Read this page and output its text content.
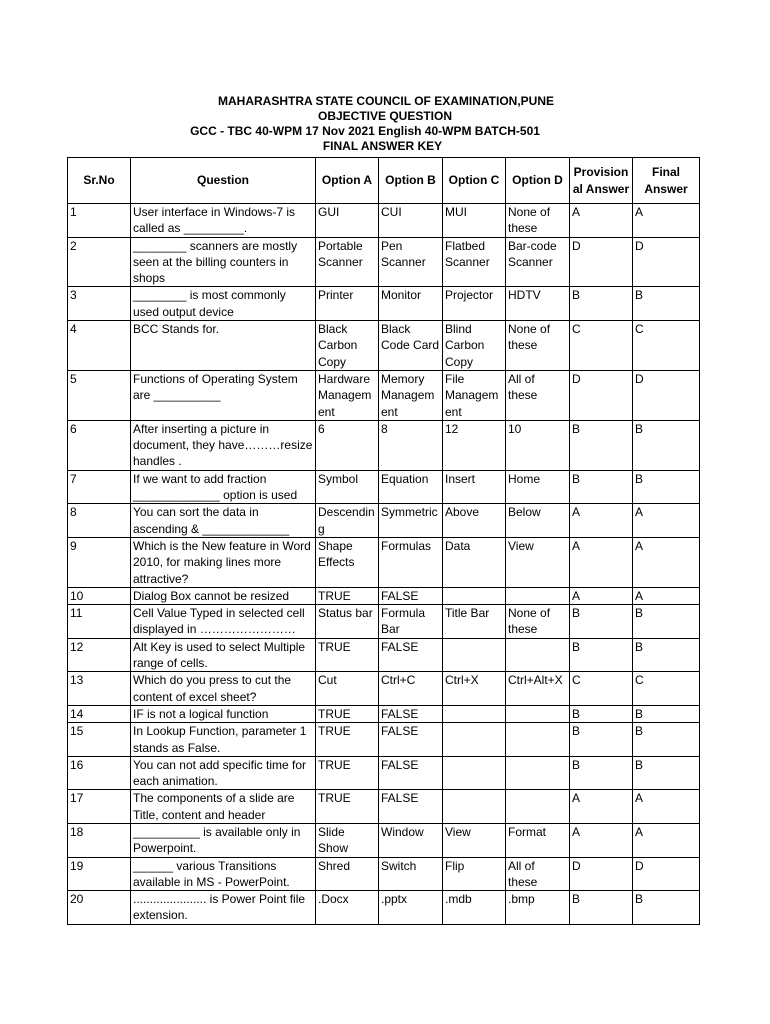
MAHARASHTRA STATE COUNCIL OF EXAMINATION,PUNE
OBJECTIVE QUESTION
GCC - TBC 40-WPM 17 Nov 2021 English 40-WPM BATCH-501
FINAL ANSWER KEY
Sr.No	Question	Option A	Option B	Option C	Option D	Provisional Answer	Final Answer
1	User interface in Windows-7 is called as _________.	GUI	CUI	MUI	None of these	A	A
2	________ scanners are mostly seen at the billing counters in shops	Portable Scanner	Pen Scanner	Flatbed Scanner	Bar-code Scanner	D	D
3	________ is most commonly used output device	Printer	Monitor	Projector	HDTV	B	B
4	BCC Stands for.	Black Carbon Copy	Black Code Card	Blind Carbon Copy	None of these	C	C
5	Functions of Operating System are __________	Hardware Management	Memory Management	File Management	All of these	D	D
6	After inserting a picture in document, they have………resize handles .	6	8	12	10	B	B
7	If we want to add fraction _____________ option is used	Symbol	Equation	Insert	Home	B	B
8	You can sort the data in ascending & _____________	Descending	Symmetric	Above	Below	A	A
9	Which is the New feature in Word 2010, for making lines more attractive?	Shape Effects	Formulas	Data	View	A	A
10	Dialog Box cannot be resized	TRUE	FALSE			A	A
11	Cell Value Typed in selected cell displayed in ……………………	Status bar	Formula Bar	Title Bar	None of these	B	B
12	Alt Key is used to select Multiple range of cells.	TRUE	FALSE			B	B
13	Which do you press to cut the content of excel sheet?	Cut	Ctrl+C	Ctrl+X	Ctrl+Alt+X	C	C
14	IF is not a logical function	TRUE	FALSE			B	B
15	In Lookup Function, parameter 1 stands as False.	TRUE	FALSE			B	B
16	You can not add specific time for each animation.	TRUE	FALSE			B	B
17	The components of a slide are Title, content and header	TRUE	FALSE			A	A
18	__________ is available only in Powerpoint.	Slide Show	Window	View	Format	A	A
19	______ various Transitions available in MS - PowerPoint.	Shred	Switch	Flip	All of these	D	D
20	...................... is Power Point file extension.	.Docx	.pptx	.mdb	.bmp	B	B
